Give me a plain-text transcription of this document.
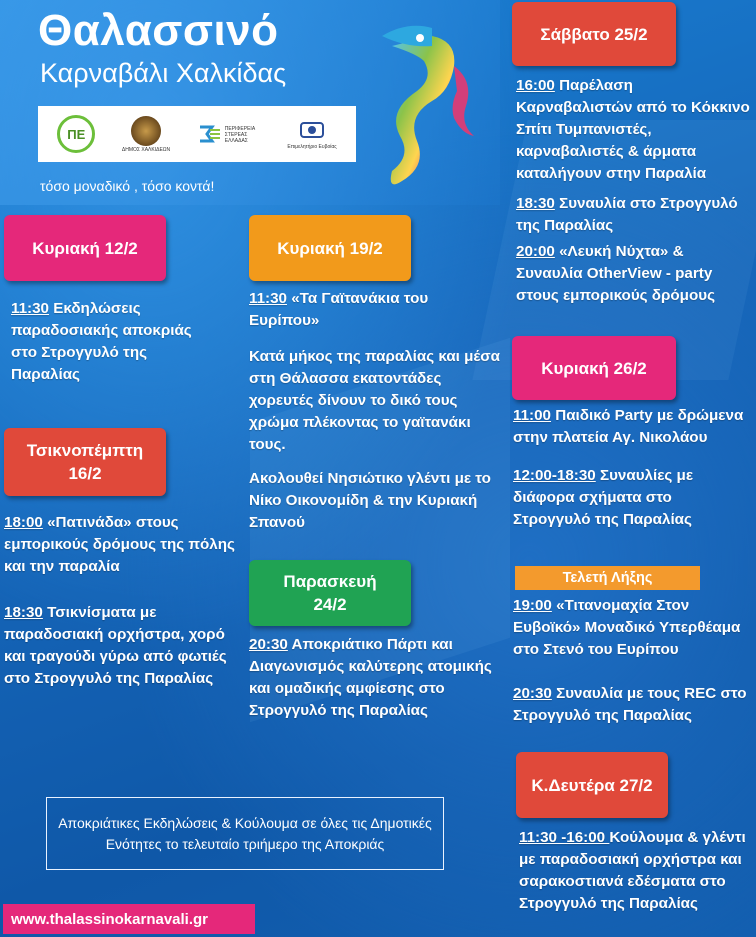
Θαλασσινό
Καρναβάλι Χαλκίδας
ΠΕ
ΔΗΜΟΣ ΧΑΛΚΙΔΕΩΝ
ΠΕΡΙΦΕΡΕΙΑ ΣΤΕΡΕΑΣ ΕΛΛΑΔΑΣ
Επιμελητήριο Ευβοίας
τόσο μοναδικό , τόσο κοντά!
Κυριακή 12/2

11:30 Εκδηλώσεις παραδοσιακής αποκριάς στο Στρογγυλό της Παραλίας

Τσικνοπέμπτη
16/2

18:00 «Πατινάδα» στους εμπορικούς δρόμους της πόλης και την παραλία

18:30 Τσικνίσματα με παραδοσιακή ορχήστρα, χορό και τραγούδι γύρω από φωτιές στο Στρογγυλό της Παραλίας

Κυριακή 19/2

11:30 «Τα Γαϊτανάκια του Ευρίπου»

Κατά μήκος της παραλίας και μέσα στη Θάλασσα εκατοντάδες χορευτές δίνουν το δικό τους χρώμα πλέκοντας το γαϊτανάκι τους.

Ακολουθεί Νησιώτικο γλέντι με το Νίκο Οικονομίδη & την Κυριακή Σπανού

Παρασκευή
24/2

20:30 Αποκριάτικο Πάρτι και Διαγωνισμός καλύτερης ατομικής και ομαδικής αμφίεσης στο Στρογγυλό της Παραλίας

Σάββατο 25/2

16:00 Παρέλαση Καρναβαλιστών από το Κόκκινο Σπίτι Τυμπανιστές, καρναβαλιστές & άρματα καταλήγουν στην Παραλία

18:30 Συναυλία στο Στρογγυλό της Παραλίας

20:00 «Λευκή Νύχτα» & Συναυλία OtherView - party στους εμπορικούς δρόμους

Κυριακή 26/2

11:00 Παιδικό Party με δρώμενα στην πλατεία Αγ. Νικολάου

12:00-18:30 Συναυλίες με διάφορα σχήματα στο Στρογγυλό της Παραλίας

Τελετή Λήξης

19:00 «Τιτανομαχία Στον Ευβοϊκό» Μοναδικό Υπερθέαμα στο Στενό του Ευρίπου

20:30 Συναυλία με τους REC στο Στρογγυλό της Παραλίας

Κ.Δευτέρα 27/2

11:30 -16:00 Κούλουμα & γλέντι με παραδοσιακή ορχήστρα και σαρακοστιανά εδέσματα στο Στρογγυλό της Παραλίας

Αποκριάτικες Εκδηλώσεις & Κούλουμα σε όλες τις Δημοτικές Ενότητες το τελευταίο τριήμερο της Αποκριάς
www.thalassinokarnavali.gr
